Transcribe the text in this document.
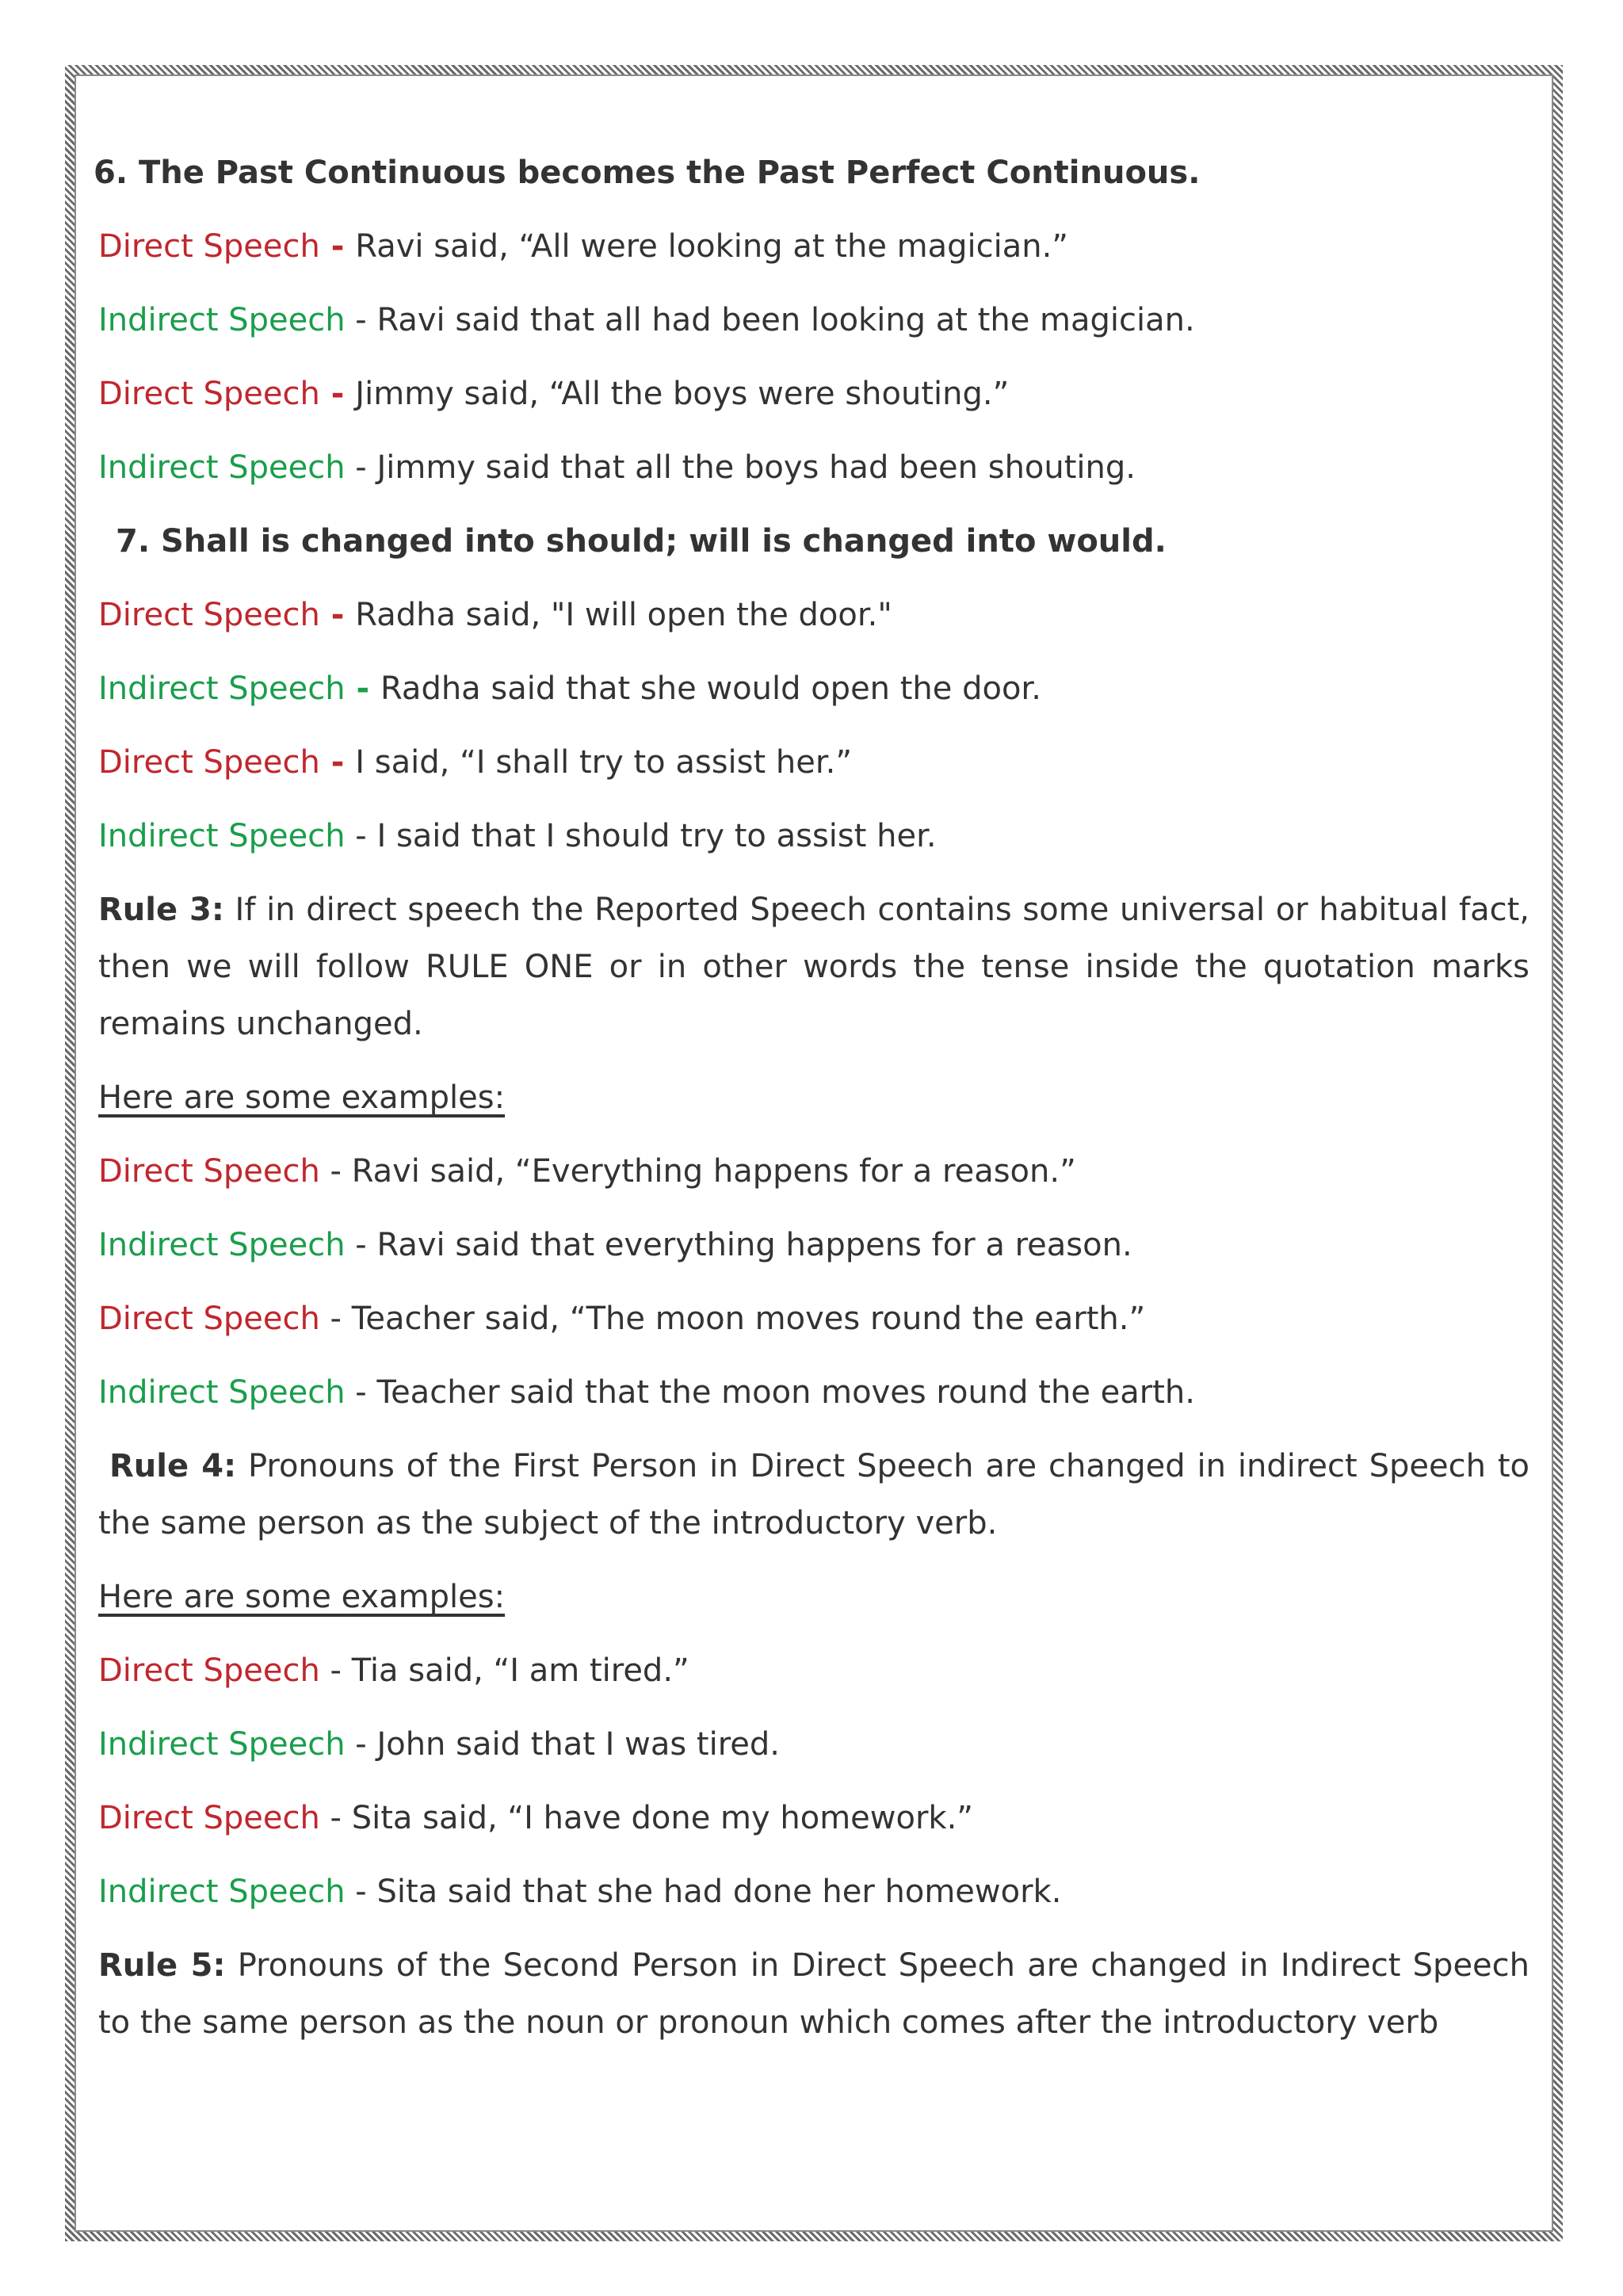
6. The Past Continuous becomes the Past Perfect Continuous.
Direct Speech - Ravi said, “All were looking at the magician.”
Indirect Speech - Ravi said that all had been looking at the magician.
Direct Speech - Jimmy said, “All the boys were shouting.”
Indirect Speech - Jimmy said that all the boys had been shouting.
7. Shall is changed into should; will is changed into would.
Direct Speech - Radha said, "I will open the door."
Indirect Speech - Radha said that she would open the door.
Direct Speech - I said, “I shall try to assist her.”
Indirect Speech - I said that I should try to assist her.
Rule 3: If in direct speech the Reported Speech contains some universal or habitual fact, then we will follow RULE ONE or in other words the tense inside the quotation marks remains unchanged.
Here are some examples:
Direct Speech - Ravi said, “Everything happens for a reason.”
Indirect Speech - Ravi said that everything happens for a reason.
Direct Speech - Teacher said, “The moon moves round the earth.”
Indirect Speech - Teacher said that the moon moves round the earth.
Rule 4: Pronouns of the First Person in Direct Speech are changed in indirect Speech to the same person as the subject of the introductory verb.
Here are some examples:
Direct Speech - Tia said, “I am tired.”
Indirect Speech - John said that I was tired.
Direct Speech - Sita said, “I have done my homework.”
Indirect Speech - Sita said that she had done her homework.
Rule 5: Pronouns of the Second Person in Direct Speech are changed in Indirect Speech to the same person as the noun or pronoun which comes after the introductory verb
